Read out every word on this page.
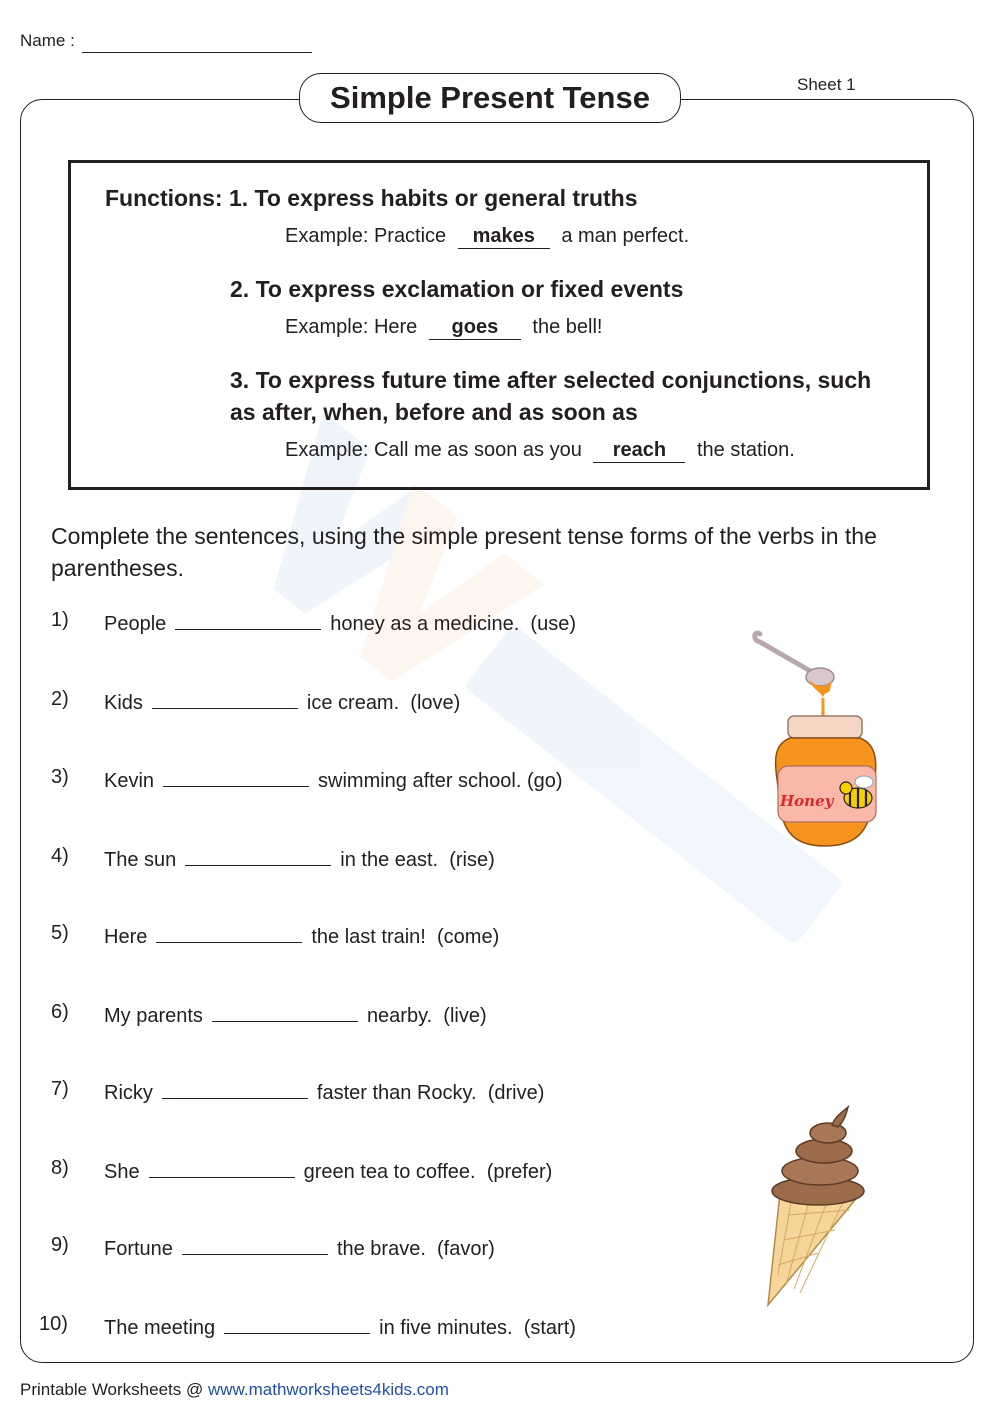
Name :
Sheet 1
Simple Present Tense
Functions: 1. To express habits or general truths
Example: Practice makes a man perfect.
2. To express exclamation or fixed events
Example: Here goes the bell!
3. To express future time after selected conjunctions, such
as after, when, before and as soon as
Example: Call me as soon as you reach the station.
Complete the sentences, using the simple present tense forms of the verbs in the parentheses.
1) People	honey as a medicine. (use)
2) Kids	ice cream. (love)
3) Kevin	swimming after school. (go)
4) The sun	in the east. (rise)
5) Here	the last train! (come)
6) My parents	nearby. (live)
7) Ricky	faster than Rocky. (drive)
8) She	green tea to coffee. (prefer)
9) Fortune	the brave. (favor)
10) The meeting	in five minutes. (start)
Honey
Printable Worksheets @ www.mathworksheets4kids.com
